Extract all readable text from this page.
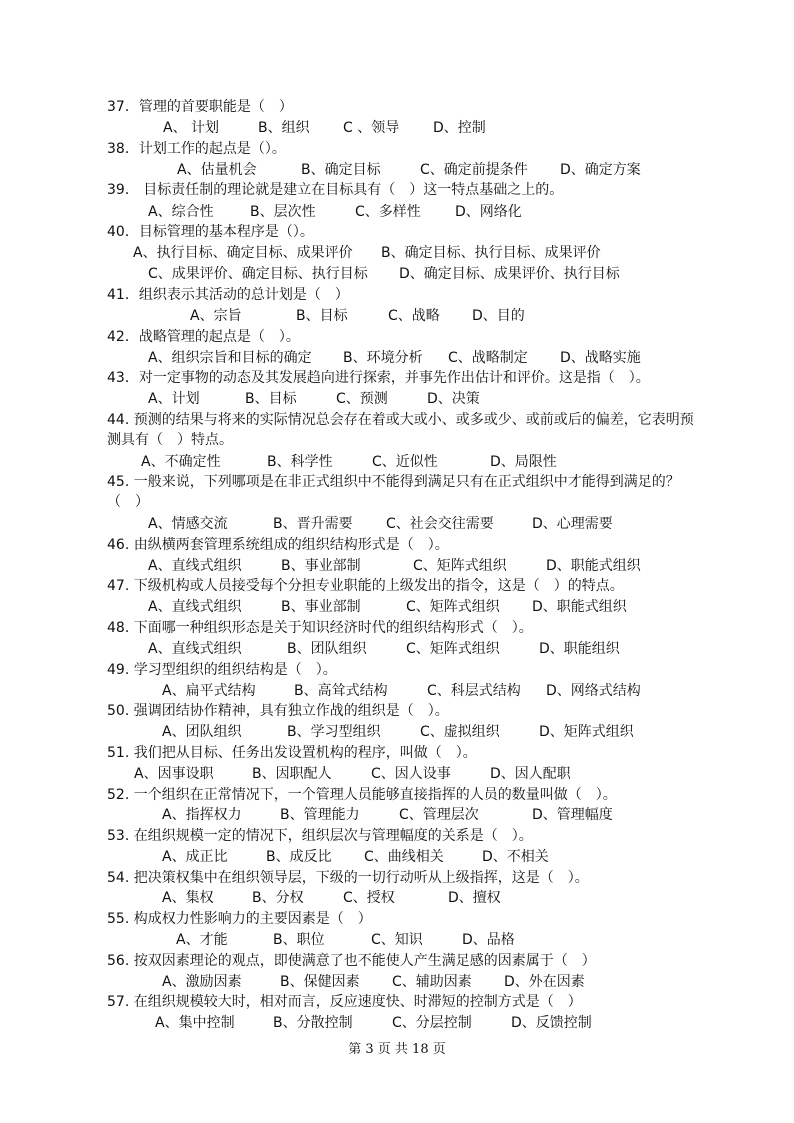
37．管理的首要职能是（　）
A、 计划	B、组织 C 、领导 D、控制
38．计划工作的起点是（）。
A、估量机会	B、确定目标	C、确定前提条件 D、确定方案
39． 目标责任制的理论就是建立在目标具有（　）这一特点基础之上的。
A、综合性	B、层次性	C、多样性 D、网络化
40．目标管理的基本程序是（）。
A、执行目标、确定目标、成果评价 B、确定目标、执行目标、成果评价
C、成果评价、确定目标、执行目标 D、确定目标、成果评价、执行目标
41．组织表示其活动的总计划是（　）
A、宗旨	B、目标	C、战略 D、目的
42．战略管理的起点是（　）。
A、组织宗旨和目标的确定 B、环境分析 C、战略制定 D、战略实施
43．对一定事物的动态及其发展趋向进行探索，并事先作出估计和评价。这是指（　）。
A、计划	B、目标	C、预测	D、决策
44. 预测的结果与将来的实际情况总会存在着或大或小、或多或少、或前或后的偏差，它表明预
测具有（　）特点。
A、不确定性	B、科学性	C、近似性	D、局限性
45. 一般来说，下列哪项是在非正式组织中不能得到满足只有在正式组织中才能得到满足的？
（　）
A、情感交流	B、晋升需要 C、社会交往需要	D、心理需要
46. 由纵横两套管理系统组成的组织结构形式是（　）。
A、直线式组织	B、事业部制	C、矩阵式组织	D、职能式组织
47. 下级机构或人员接受每个分担专业职能的上级发出的指令，这是（　）的特点。
A、直线式组织	B、事业部制	C、矩阵式组织 D、职能式组织
48. 下面哪一种组织形态是关于知识经济时代的组织结构形式（　）。
A、直线式组织	B、团队组织	C、矩阵式组织	D、职能组织
49. 学习型组织的组织结构是（　）。
A、扁平式结构	B、高耸式结构	C、科层式结构 D、网络式结构
50. 强调团结协作精神，具有独立作战的组织是（　）。
A、团队组织	B、学习型组织	C、虚拟组织	D、矩阵式组织
51. 我们把从目标、任务出发设置机构的程序，叫做（　）。
A、因事设职	B、因职配人	C、因人设事	D、因人配职
52. 一个组织在正常情况下，一个管理人员能够直接指挥的人员的数量叫做（　）。
A、指挥权力	B、管理能力	C、管理层次	D、管理幅度
53. 在组织规模一定的情况下，组织层次与管理幅度的关系是（　）。
A、成正比	B、成反比 C、曲线相关	D、不相关
54. 把决策权集中在组织领导层，下级的一切行动听从上级指挥，这是（　）。
A、集权	B、分权	C、授权	D、擅权
55. 构成权力性影响力的主要因素是（　）
A、才能	B、职位	C、知识	D、品格
56. 按双因素理论的观点，即使满意了也不能使人产生满足感的因素属于（　）
A、激励因素	B、保健因素 C、辅助因素 D、外在因素
57. 在组织规模较大时，相对而言，反应速度快、时滞短的控制方式是（　）
A、集中控制	B、分散控制	C、分层控制	D、反馈控制
第 3 页 共 18 页
